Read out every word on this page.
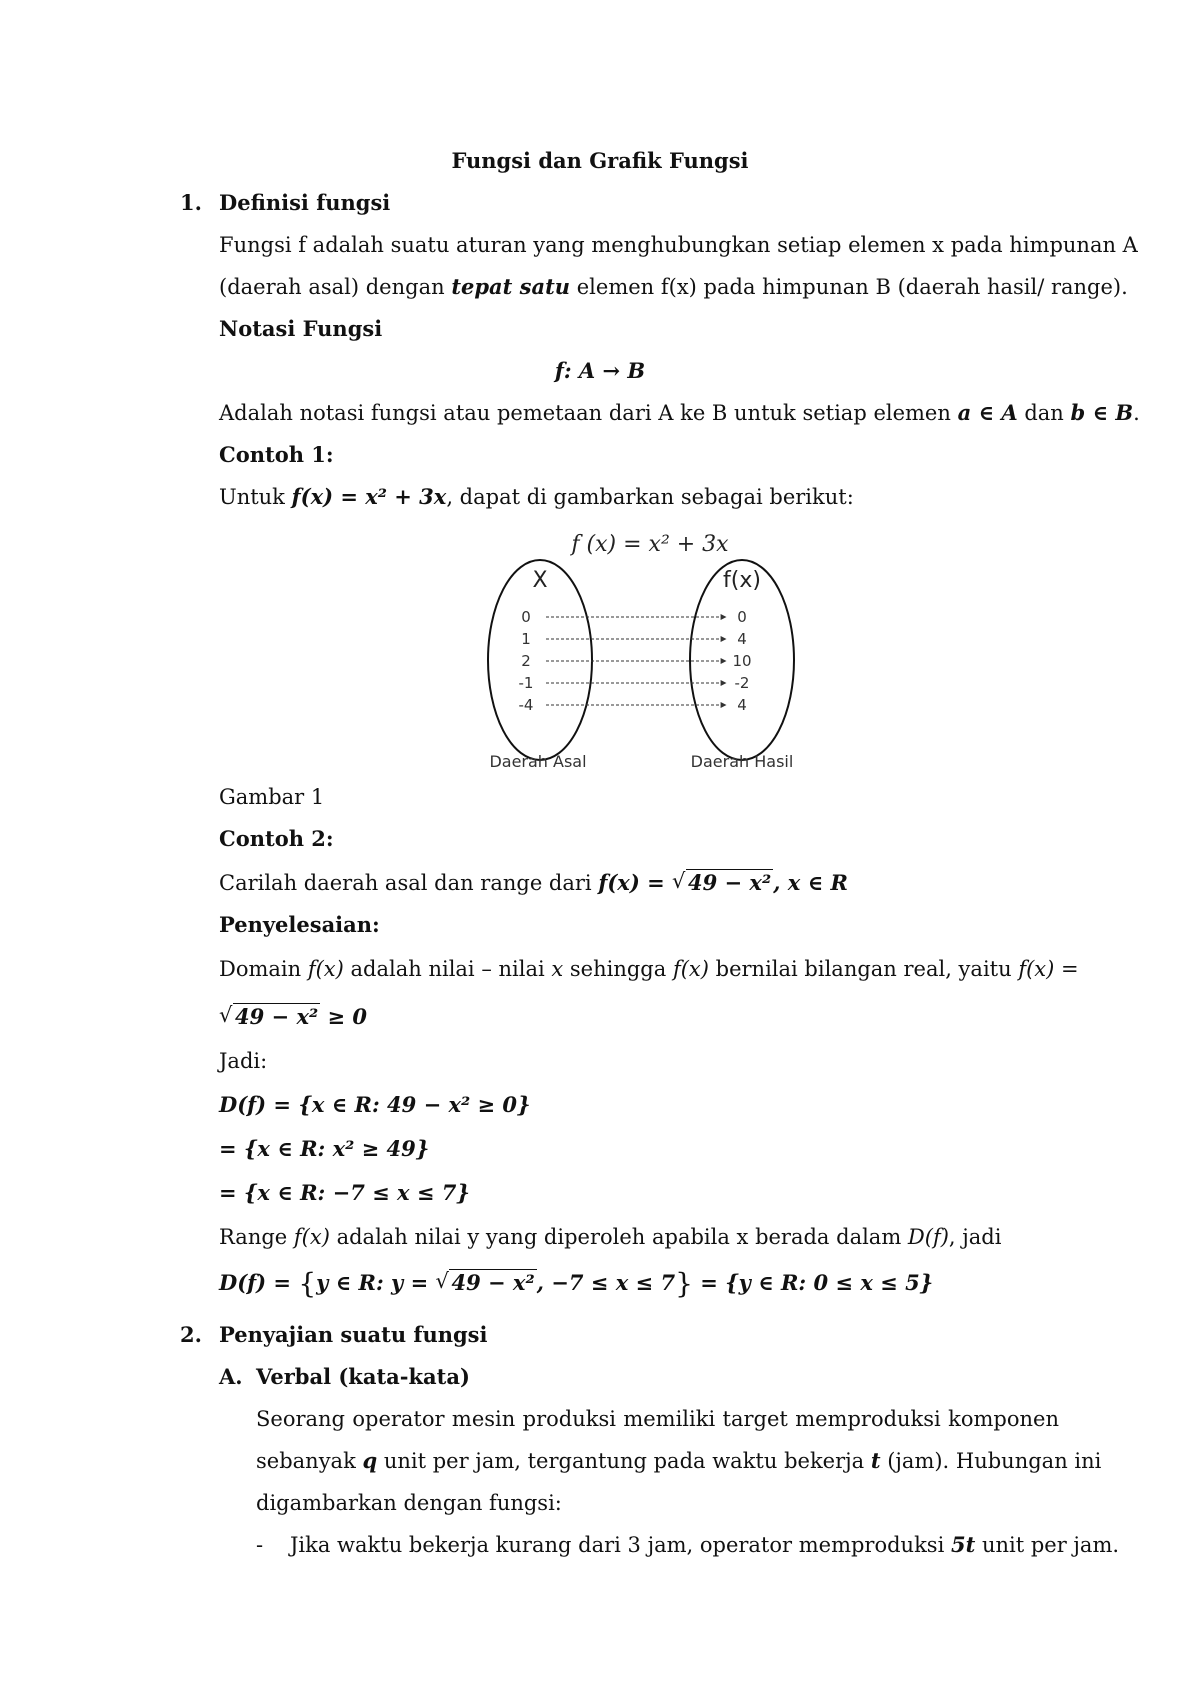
Fungsi dan Grafik Fungsi
1. Definisi fungsi
Fungsi f adalah suatu aturan yang menghubungkan setiap elemen x pada himpunan A
(daerah asal) dengan tepat satu elemen f(x) pada himpunan B (daerah hasil/ range).
Notasi Fungsi
f: A → B
Adalah notasi fungsi atau pemetaan dari A ke B untuk setiap elemen a ∈ A dan b ∈ B.
Contoh 1:
Untuk f(x) = x² + 3x, dapat di gambarkan sebagai berikut:
f (x) = x² + 3x
X	f(x)
0
1
2
-1
-4
0
4
10
-2
4
Daerah Asal	Daerah Hasil
Gambar 1
Contoh 2:
Carilah daerah asal dan range dari f(x) = √ 49 − x², x ∈ R
Penyelesaian:
Domain f(x) adalah nilai – nilai x sehingga f(x) bernilai bilangan real, yaitu f(x) =
√ 49 − x² ≥ 0
Jadi:
D(f) = {x ∈ R: 49 − x² ≥ 0}
= {x ∈ R: x² ≥ 49}
= {x ∈ R: −7 ≤ x ≤ 7}
Range f(x) adalah nilai y yang diperoleh apabila x berada dalam D(f), jadi
D(f) = {y ∈ R: y = √ 49 − x², −7 ≤ x ≤ 7} = {y ∈ R: 0 ≤ x ≤ 5}
2. Penyajian suatu fungsi
A. Verbal (kata-kata)
Seorang operator mesin produksi memiliki target memproduksi komponen
sebanyak q unit per jam, tergantung pada waktu bekerja t (jam). Hubungan ini
digambarkan dengan fungsi:
- Jika waktu bekerja kurang dari 3 jam, operator memproduksi 5t unit per jam.
